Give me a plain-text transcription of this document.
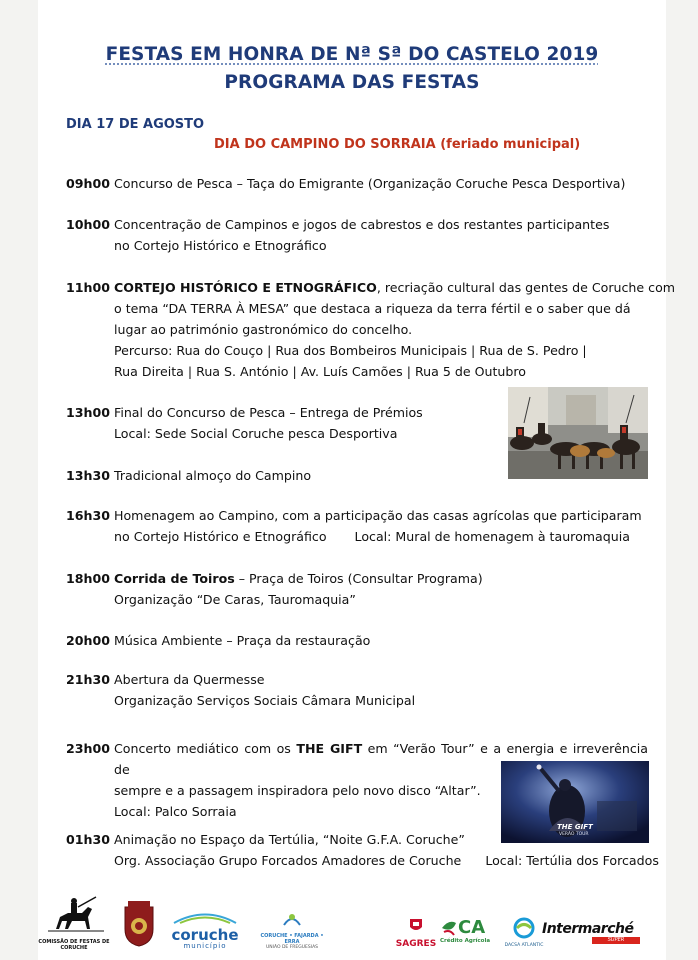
FESTAS EM HONRA DE Nª Sª DO CASTELO 2019
PROGRAMA DAS FESTAS
DIA 17 DE AGOSTO
DIA DO CAMPINO DO SORRAIA (feriado municipal)
09h00 Concurso de Pesca – Taça do Emigrante (Organização Coruche Pesca Desportiva)
10h00 Concentração de Campinos e jogos de cabrestos e dos restantes participantes
no Cortejo Histórico e Etnográfico
11h00 CORTEJO HISTÓRICO E ETNOGRÁFICO, recriação cultural das gentes de Coruche com
o tema “DA TERRA À MESA” que destaca a riqueza da terra fértil e o saber que dá
lugar ao património gastronómico do concelho.
Percurso: Rua do Couço | Rua dos Bombeiros Municipais | Rua de S. Pedro |
Rua Direita | Rua S. António | Av. Luís Camões | Rua 5 de Outubro
13h00 Final do Concurso de Pesca – Entrega de Prémios
Local: Sede Social Coruche pesca Desportiva
13h30 Tradicional almoço do Campino
16h30 Homenagem ao Campino, com a participação das casas agrícolas que participaram
no Cortejo Histórico e Etnográfico Local: Mural de homenagem à tauromaquia
18h00 Corrida de Toiros – Praça de Toiros (Consultar Programa)
Organização “De Caras, Tauromaquia”
20h00 Música Ambiente – Praça da restauração
21h30 Abertura da Quermesse
Organização Serviços Sociais Câmara Municipal
23h00 Concerto mediático com os THE GIFT em “Verão Tour” e a energia e irreverência de
sempre e a passagem inspiradora pelo novo disco “Altar”.
Local: Palco Sorraia
THE GIFT
VERÃO TOUR
01h30 Animação no Espaço da Tertúlia, “Noite G.F.A. Coruche”
Org. Associação Grupo Forcados Amadores de Coruche Local: Tertúlia dos Forcados
COMISSÃO DE FESTAS DE CORUCHE
coruche
município
CORUCHE • FAJARDA • ERRA
UNIÃO DE FREGUESIAS	SAGRES
CA
Crédito Agrícola
DACSA ATLANTIC
Intermarché
SUPER
